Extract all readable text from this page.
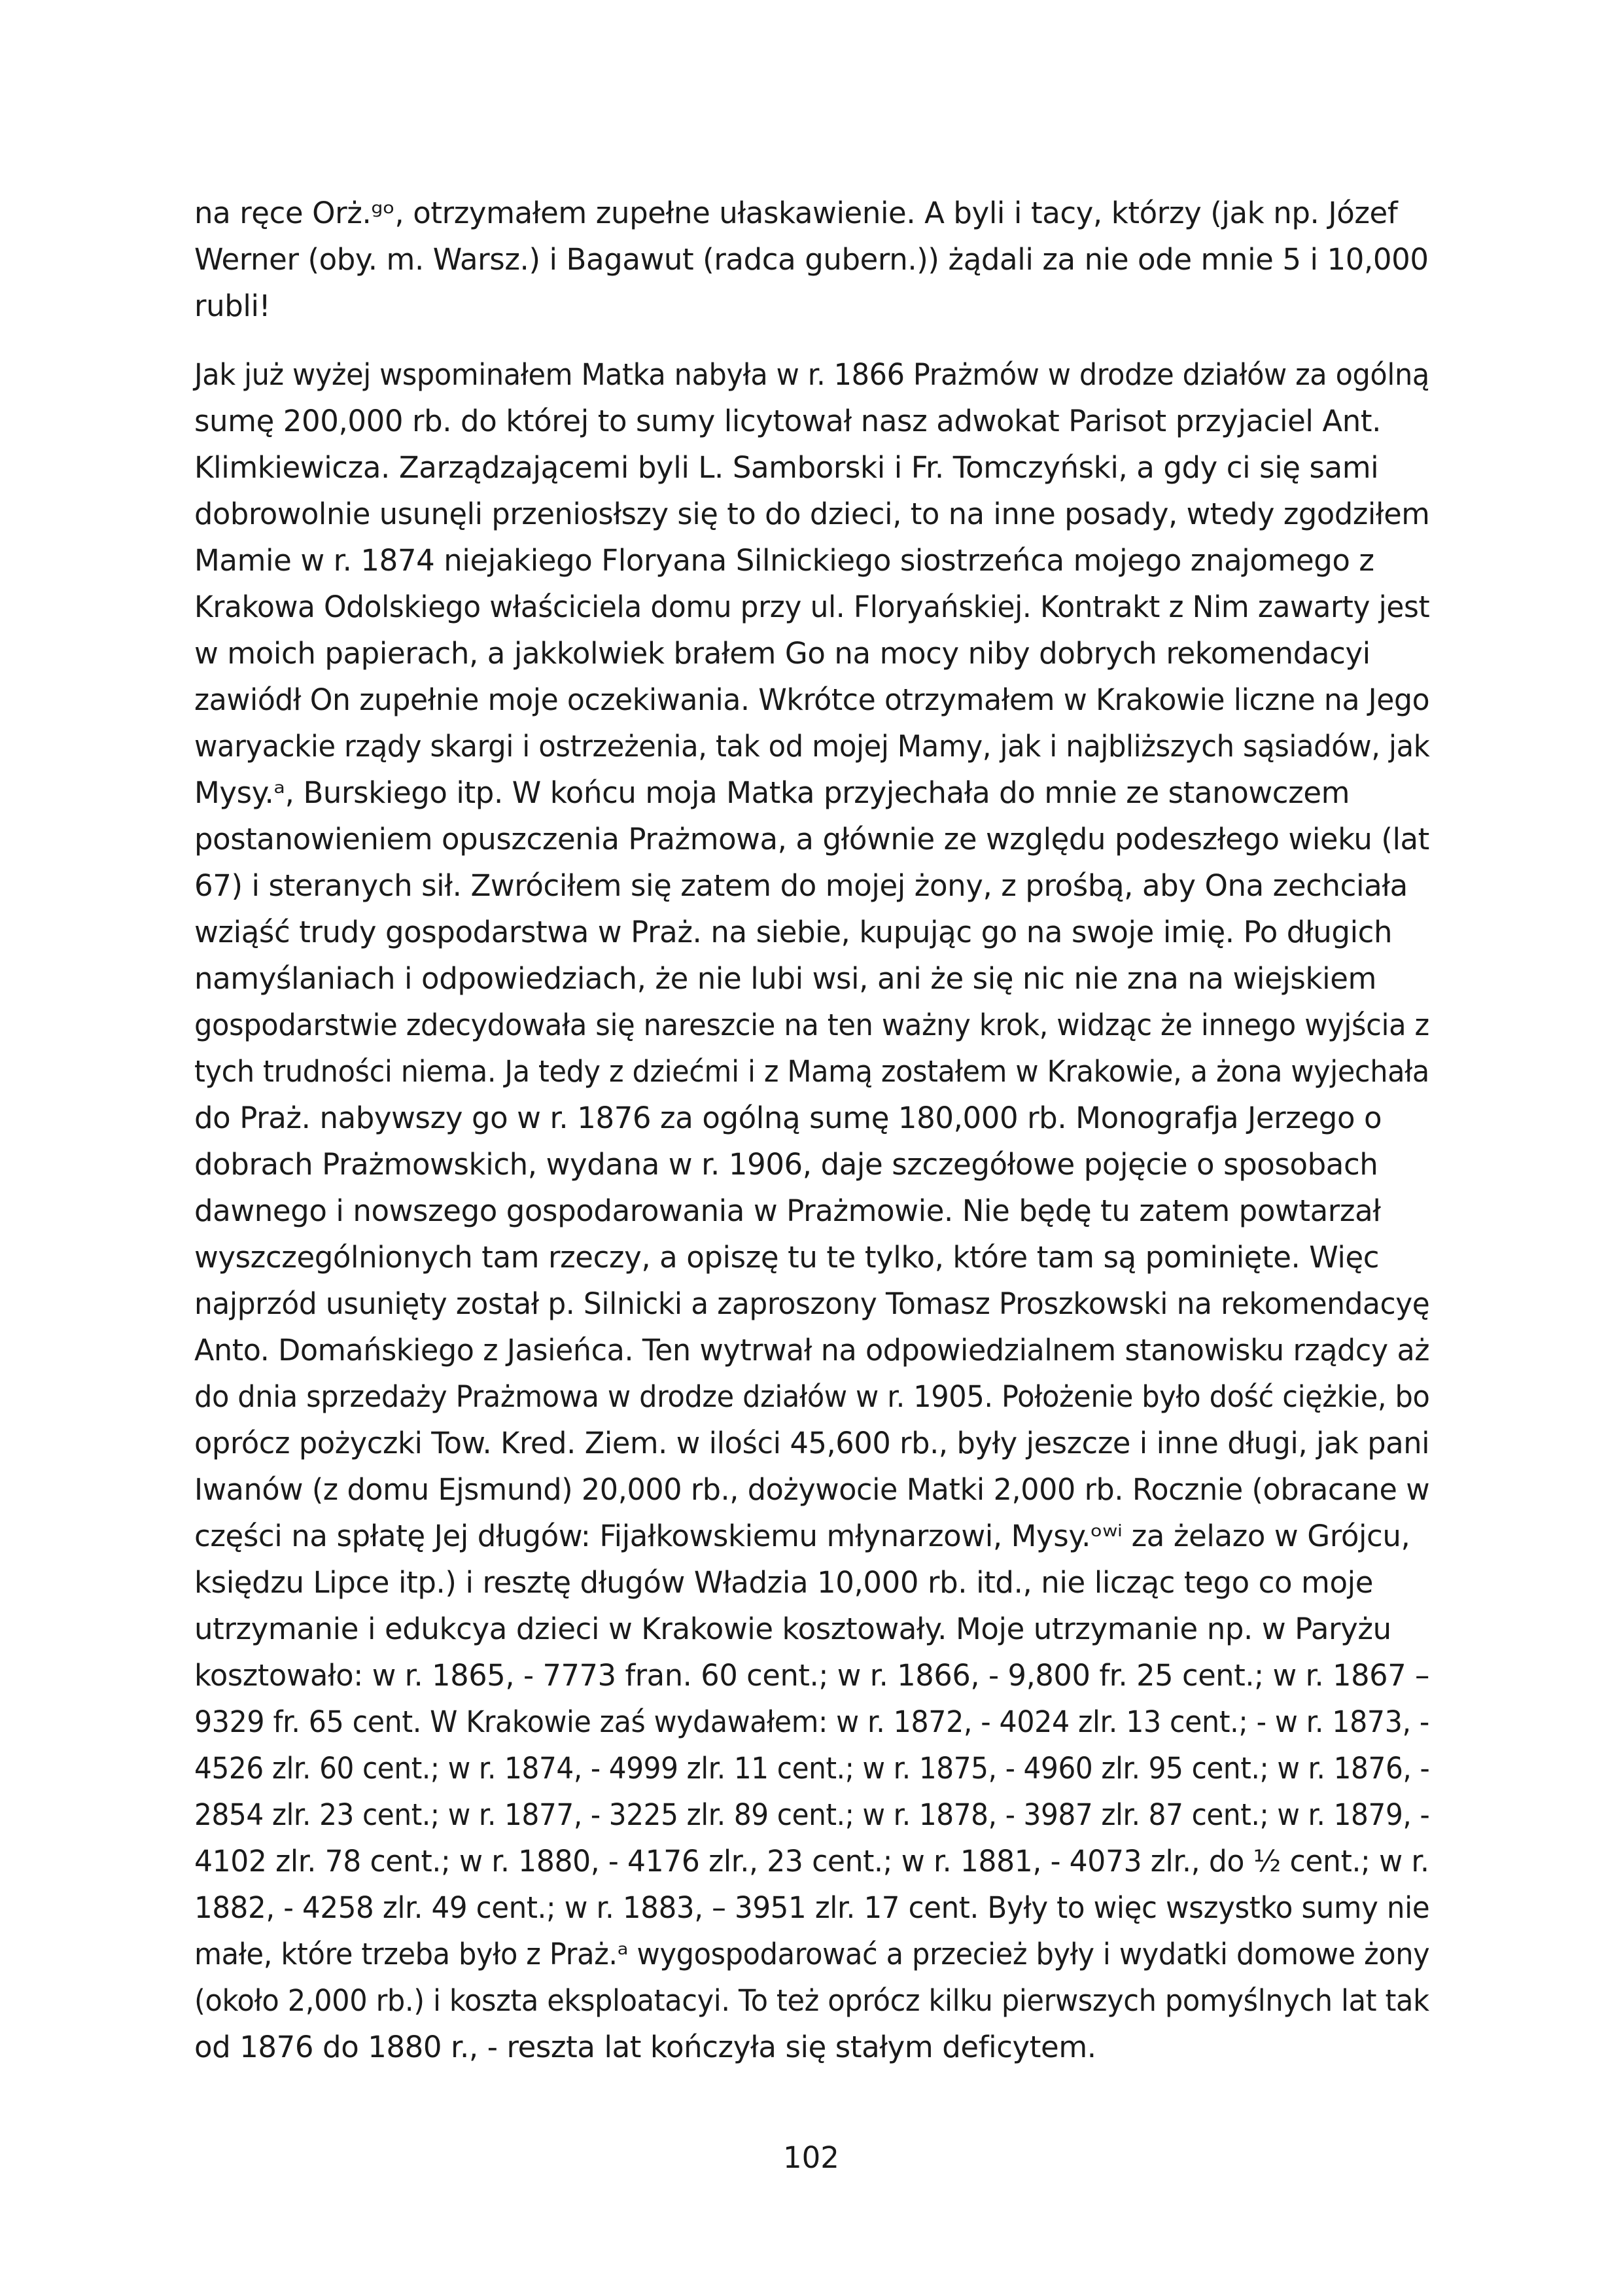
na ręce Orż.ᵍᵒ, otrzymałem zupełne ułaskawienie. A byli i tacy, którzy (jak np. Józef
Werner (oby. m. Warsz.) i Bagawut (radca gubern.)) żądali za nie ode mnie 5 i 10,000
rubli!
Jak już wyżej wspominałem Matka nabyła w r. 1866 Prażmów w drodze działów za ogólną
sumę 200,000 rb. do której to sumy licytował nasz adwokat Parisot przyjaciel Ant.
Klimkiewicza. Zarządzającemi byli L. Samborski i Fr. Tomczyński, a gdy ci się sami
dobrowolnie usunęli przeniosłszy się to do dzieci, to na inne posady, wtedy zgodziłem
Mamie w r. 1874 niejakiego Floryana Silnickiego siostrzeńca mojego znajomego z
Krakowa Odolskiego właściciela domu przy ul. Floryańskiej. Kontrakt z Nim zawarty jest
w moich papierach, a jakkolwiek brałem Go na mocy niby dobrych rekomendacyi
zawiódł On zupełnie moje oczekiwania. Wkrótce otrzymałem w Krakowie liczne na Jego
waryackie rządy skargi i ostrzeżenia, tak od mojej Mamy, jak i najbliższych sąsiadów, jak
Mysy.ᵃ, Burskiego itp. W końcu moja Matka przyjechała do mnie ze stanowczem
postanowieniem opuszczenia Prażmowa, a głównie ze względu podeszłego wieku (lat
67) i steranych sił. Zwróciłem się zatem do mojej żony, z prośbą, aby Ona zechciała
wziąść trudy gospodarstwa w Praż. na siebie, kupując go na swoje imię. Po długich
namyślaniach i odpowiedziach, że nie lubi wsi, ani że się nic nie zna na wiejskiem
gospodarstwie zdecydowała się nareszcie na ten ważny krok, widząc że innego wyjścia z
tych trudności niema. Ja tedy z dziećmi i z Mamą zostałem w Krakowie, a żona wyjechała
do Praż. nabywszy go w r. 1876 za ogólną sumę 180,000 rb. Monografja Jerzego o
dobrach Prażmowskich, wydana w r. 1906, daje szczegółowe pojęcie o sposobach
dawnego i nowszego gospodarowania w Prażmowie. Nie będę tu zatem powtarzał
wyszczególnionych tam rzeczy, a opiszę tu te tylko, które tam są pominięte. Więc
najprzód usunięty został p. Silnicki a zaproszony Tomasz Proszkowski na rekomendacyę
Anto. Domańskiego z Jasieńca. Ten wytrwał na odpowiedzialnem stanowisku rządcy aż
do dnia sprzedaży Prażmowa w drodze działów w r. 1905. Położenie było dość ciężkie, bo
oprócz pożyczki Tow. Kred. Ziem. w ilości 45,600 rb., były jeszcze i inne długi, jak pani
Iwanów (z domu Ejsmund) 20,000 rb., dożywocie Matki 2,000 rb. Rocznie (obracane w
części na spłatę Jej długów: Fijałkowskiemu młynarzowi, Mysy.ᵒʷⁱ za żelazo w Grójcu,
księdzu Lipce itp.) i resztę długów Władzia 10,000 rb. itd., nie licząc tego co moje
utrzymanie i edukcya dzieci w Krakowie kosztowały. Moje utrzymanie np. w Paryżu
kosztowało: w r. 1865, - 7773 fran. 60 cent.; w r. 1866, - 9,800 fr. 25 cent.; w r. 1867 –
9329 fr. 65 cent. W Krakowie zaś wydawałem: w r. 1872, - 4024 zlr. 13 cent.; - w r. 1873, -
4526 zlr. 60 cent.; w r. 1874, - 4999 zlr. 11 cent.; w r. 1875, - 4960 zlr. 95 cent.; w r. 1876, -
2854 zlr. 23 cent.; w r. 1877, - 3225 zlr. 89 cent.; w r. 1878, - 3987 zlr. 87 cent.; w r. 1879, -
4102 zlr. 78 cent.; w r. 1880, - 4176 zlr., 23 cent.; w r. 1881, - 4073 zlr., do ½ cent.; w r.
1882, - 4258 zlr. 49 cent.; w r. 1883, – 3951 zlr. 17 cent. Były to więc wszystko sumy nie
małe, które trzeba było z Praż.ᵃ wygospodarować a przecież były i wydatki domowe żony
(około 2,000 rb.) i koszta eksploatacyi. To też oprócz kilku pierwszych pomyślnych lat tak
od 1876 do 1880 r., - reszta lat kończyła się stałym deficytem.
102
